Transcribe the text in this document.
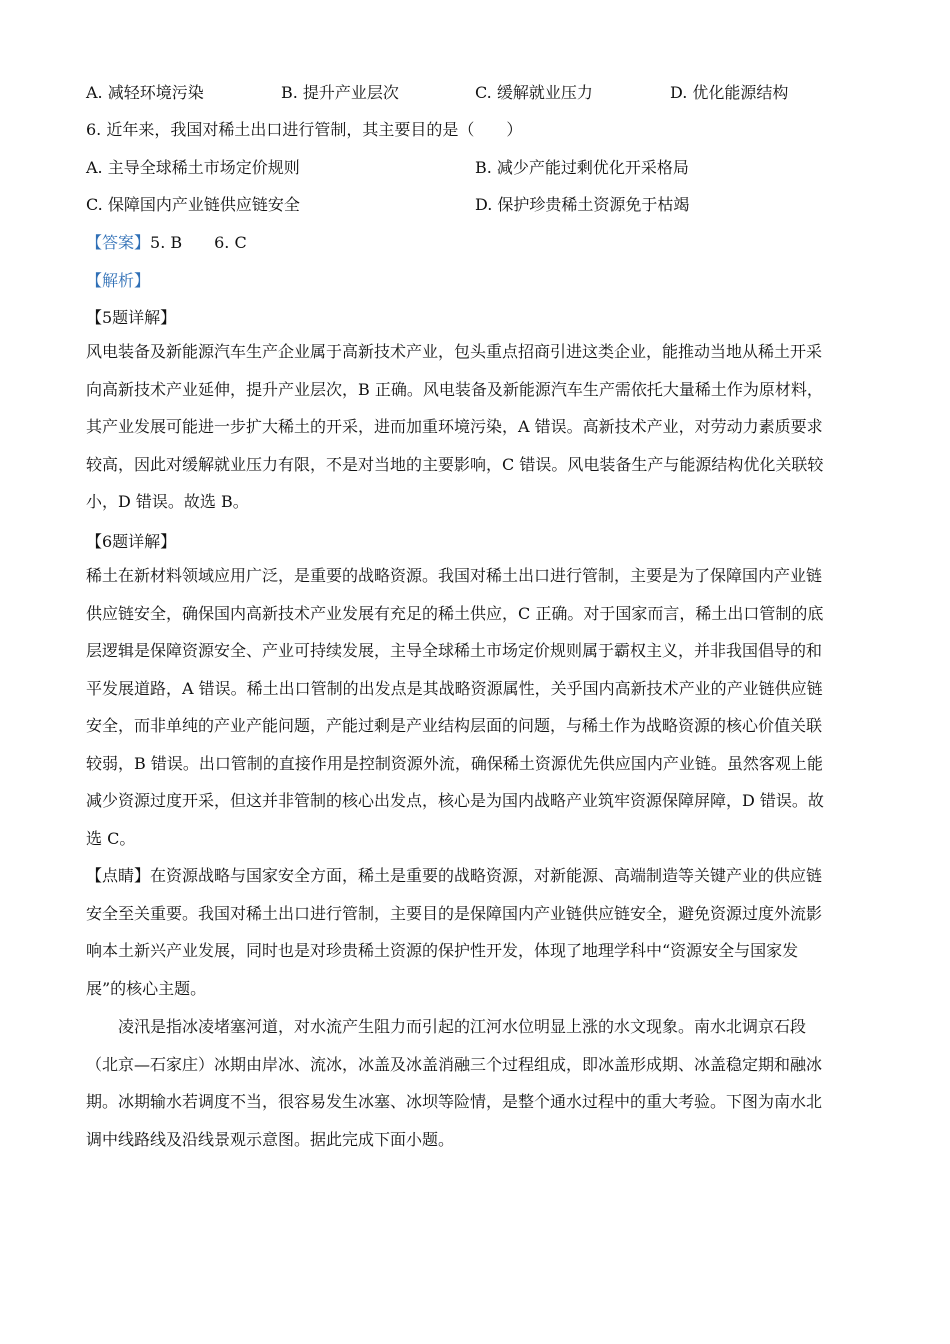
A. 减轻环境污染	B. 提升产业层次	C. 缓解就业压力	D. 优化能源结构
6. 近年来，我国对稀土出口进行管制，其主要目的是（　　）
A. 主导全球稀土市场定价规则	B. 减少产能过剩优化开采格局
C. 保障国内产业链供应链安全	D. 保护珍贵稀土资源免于枯竭
【答案】5. B　　6. C
【解析】
【5题详解】
风电装备及新能源汽车生产企业属于高新技术产业，包头重点招商引进这类企业，能推动当地从稀土开采
向高新技术产业延伸，提升产业层次，B 正确。风电装备及新能源汽车生产需依托大量稀土作为原材料，
其产业发展可能进一步扩大稀土的开采，进而加重环境污染，A 错误。高新技术产业，对劳动力素质要求
较高，因此对缓解就业压力有限，不是对当地的主要影响，C 错误。风电装备生产与能源结构优化关联较
小，D 错误。故选 B。
【6题详解】
稀土在新材料领域应用广泛，是重要的战略资源。我国对稀土出口进行管制，主要是为了保障国内产业链
供应链安全，确保国内高新技术产业发展有充足的稀土供应，C 正确。对于国家而言，稀土出口管制的底
层逻辑是保障资源安全、产业可持续发展，主导全球稀土市场定价规则属于霸权主义，并非我国倡导的和
平发展道路，A 错误。稀土出口管制的出发点是其战略资源属性，关乎国内高新技术产业的产业链供应链
安全，而非单纯的产业产能问题，产能过剩是产业结构层面的问题，与稀土作为战略资源的核心价值关联
较弱，B 错误。出口管制的直接作用是控制资源外流，确保稀土资源优先供应国内产业链。虽然客观上能
减少资源过度开采，但这并非管制的核心出发点，核心是为国内战略产业筑牢资源保障屏障，D 错误。故
选 C。
【点睛】在资源战略与国家安全方面，稀土是重要的战略资源，对新能源、高端制造等关键产业的供应链
安全至关重要。我国对稀土出口进行管制，主要目的是保障国内产业链供应链安全，避免资源过度外流影
响本土新兴产业发展，同时也是对珍贵稀土资源的保护性开发，体现了地理学科中“资源安全与国家发
展”的核心主题。
凌汛是指冰凌堵塞河道，对水流产生阻力而引起的江河水位明显上涨的水文现象。南水北调京石段
（北京—石家庄）冰期由岸冰、流冰，冰盖及冰盖消融三个过程组成，即冰盖形成期、冰盖稳定期和融冰
期。冰期输水若调度不当，很容易发生冰塞、冰坝等险情，是整个通水过程中的重大考验。下图为南水北
调中线路线及沿线景观示意图。据此完成下面小题。
